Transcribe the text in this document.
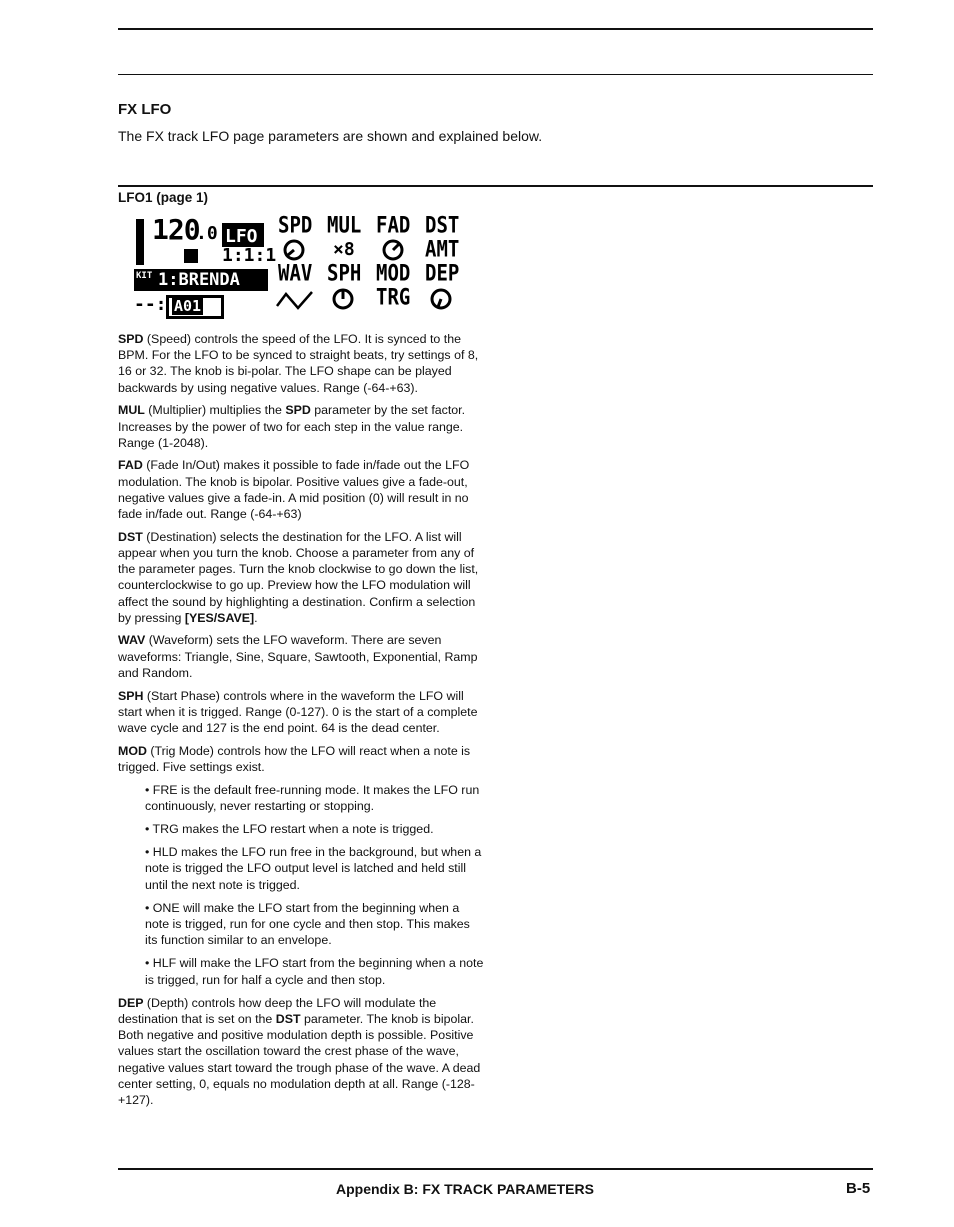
FX LFO
The FX track LFO page parameters are shown and explained below.
LFO1 (page 1)
120
.0 LFO
1:1:1
KIT 1:BRENDA
--: A01
SPD MUL FAD DST
×8	AMT
WAV SPH MOD DEP
TRG

SPD (Speed) controls the speed of the LFO. It is synced to the BPM. For the LFO to be synced to straight beats, try settings of 8, 16 or 32. The knob is bi-polar. The LFO shape can be played backwards by using negative values. Range (-64-+63).

MUL (Multiplier) multiplies the SPD parameter by the set factor. Increases by the power of two for each step in the value range. Range (1-2048).

FAD (Fade In/Out) makes it possible to fade in/fade out the LFO modulation. The knob is bipolar. Positive values give a fade-out, negative values give a fade-in. A mid position (0) will result in no fade in/fade out. Range (-64-+63)

DST (Destination) selects the destination for the LFO. A list will appear when you turn the knob. Choose a parameter from any of the parameter pages. Turn the knob clockwise to go down the list, counterclockwise to go up. Preview how the LFO modulation will affect the sound by highlighting a destination. Confirm a selection by pressing [YES/SAVE].

WAV (Waveform) sets the LFO waveform. There are seven waveforms: Triangle, Sine, Square, Sawtooth, Exponential, Ramp and Random.

SPH (Start Phase) controls where in the waveform the LFO will start when it is trigged. Range (0-127). 0 is the start of a complete wave cycle and 127 is the end point. 64 is the dead center.

MOD (Trig Mode) controls how the LFO will react when a note is trigged. Five settings exist.

• FRE is the default free-running mode. It makes the LFO run continuously, never restarting or stopping.
• TRG makes the LFO restart when a note is trigged.
• HLD makes the LFO run free in the background, but when a note is trigged the LFO output level is latched and held still until the next note is trigged.
• ONE will make the LFO start from the beginning when a note is trigged, run for one cycle and then stop. This makes its function similar to an envelope.
• HLF will make the LFO start from the beginning when a note is trigged, run for half a cycle and then stop.

DEP (Depth) controls how deep the LFO will modulate the destination that is set on the DST parameter. The knob is bipolar. Both negative and positive modulation depth is possible. Positive values start the oscillation toward the crest phase of the wave, negative values start toward the trough phase of the wave. A dead center setting, 0, equals no modulation depth at all. Range (-128-+127).

Appendix B: FX TRACK PARAMETERS	B-5
